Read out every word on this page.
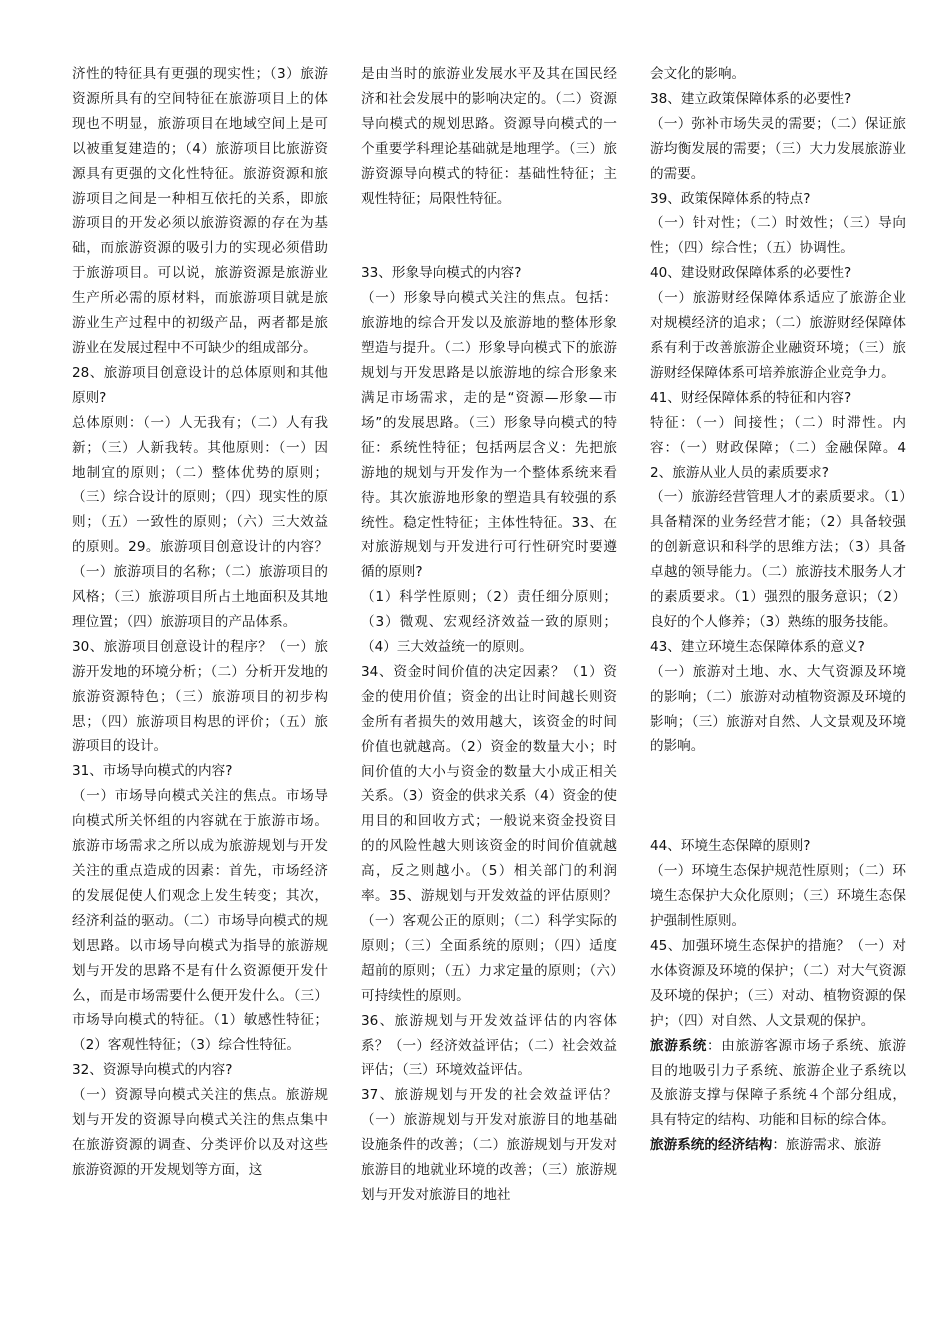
济性的特征具有更强的现实性；（3）旅游资源所具有的空间特征在旅游项目上的体现也不明显，旅游项目在地域空间上是可以被重复建造的；（4）旅游项目比旅游资源具有更强的文化性特征。旅游资源和旅游项目之间是一种相互依托的关系，即旅游项目的开发必须以旅游资源的存在为基础，而旅游资源的吸引力的实现必须借助于旅游项目。可以说，旅游资源是旅游业生产所必需的原材料，而旅游项目就是旅游业生产过程中的初级产品，两者都是旅游业在发展过程中不可缺少的组成部分。

28、旅游项目创意设计的总体原则和其他原则?

总体原则：（一）人无我有；（二）人有我新；（三）人新我转。其他原则：（一）因地制宜的原则；（二）整体优势的原则；（三）综合设计的原则；（四）现实性的原则；（五）一致性的原则；（六）三大效益的原则。29。旅游项目创意设计的内容？（一）旅游项目的名称；（二）旅游项目的风格；（三）旅游项目所占土地面积及其地理位置；（四）旅游项目的产品体系。

30、旅游项目创意设计的程序？（一）旅游开发地的环境分析；（二）分析开发地的旅游资源特色；（三）旅游项目的初步构思；（四）旅游项目构思的评价；（五）旅游项目的设计。

31、市场导向模式的内容?

（一）市场导向模式关注的焦点。市场导向模式所关怀组的内容就在于旅游市场。旅游市场需求之所以成为旅游规划与开发关注的重点造成的因素：首先，市场经济的发展促使人们观念上发生转变；其次，经济利益的驱动。（二）市场导向模式的规划思路。以市场导向模式为指导的旅游规划与开发的思路不是有什么资源便开发什么，而是市场需要什么便开发什么。（三）市场导向模式的特征。（1）敏感性特征；（2）客观性特征；（3）综合性特征。

32、资源导向模式的内容?

（一）资源导向模式关注的焦点。旅游规划与开发的资源导向模式关注的焦点集中在旅游资源的调查、分类评价以及对这些旅游资源的开发规划等方面，这

是由当时的旅游业发展水平及其在国民经济和社会发展中的影响决定的。（二）资源导向模式的规划思路。资源导向模式的一个重要学科理论基础就是地理学。（三）旅游资源导向模式的特征：基础性特征；主观性特征；局限性特征。

33、形象导向模式的内容?

（一）形象导向模式关注的焦点。包括：旅游地的综合开发以及旅游地的整体形象塑造与提升。（二）形象导向模式下的旅游规划与开发思路是以旅游地的综合形象来满足市场需求，走的是“资源—形象—市场”的发展思路。（三）形象导向模式的特征：系统性特征；包括两层含义：先把旅游地的规划与开发作为一个整体系统来看待。其次旅游地形象的塑造具有较强的系统性。稳定性特征；主体性特征。33、在对旅游规划与开发进行可行性研究时要遵循的原则?

（1）科学性原则；（2）责任细分原则；（3）微观、宏观经济效益一致的原则；（4）三大效益统一的原则。

34、资金时间价值的决定因素？（1）资金的使用价值；资金的出让时间越长则资金所有者损失的效用越大，该资金的时间价值也就越高。（2）资金的数量大小；时间价值的大小与资金的数量大小成正相关关系。（3）资金的供求关系（4）资金的使用目的和回收方式；一般说来资金投资目的的风险性越大则该资金的时间价值就越高，反之则越小。（5）相关部门的利润率。35、游规划与开发效益的评估原则？（一）客观公正的原则；（二）科学实际的原则；（三）全面系统的原则；（四）适度超前的原则；（五）力求定量的原则；（六）可持续性的原则。

36、旅游规划与开发效益评估的内容体系？（一）经济效益评估；（二）社会效益评估；（三）环境效益评估。

37、旅游规划与开发的社会效益评估？（一）旅游规划与开发对旅游目的地基础设施条件的改善；（二）旅游规划与开发对旅游目的地就业环境的改善；（三）旅游规划与开发对旅游目的地社

会文化的影响。

38、建立政策保障体系的必要性?

（一）弥补市场失灵的需要；（二）保证旅游均衡发展的需要；（三）大力发展旅游业的需要。

39、政策保障体系的特点?

（一）针对性；（二）时效性；（三）导向性；（四）综合性；（五）协调性。

40、建设财政保障体系的必要性?

（一）旅游财经保障体系适应了旅游企业对规模经济的追求；（二）旅游财经保障体系有利于改善旅游企业融资环境；（三）旅游财经保障体系可培养旅游企业竞争力。

41、财经保障体系的特征和内容?

特征：（一）间接性；（二）时滞性。内容：（一）财政保障；（二）金融保障。42、旅游从业人员的素质要求?

（一）旅游经营管理人才的素质要求。（1）具备精深的业务经营才能；（2）具备较强的创新意识和科学的思维方法；（3）具备卓越的领导能力。（二）旅游技术服务人才的素质要求。（1）强烈的服务意识；（2）良好的个人修养；（3）熟练的服务技能。

43、建立环境生态保障体系的意义?

（一）旅游对土地、水、大气资源及环境的影响；（二）旅游对动植物资源及环境的影响；（三）旅游对自然、人文景观及环境的影响。

44、环境生态保障的原则?

（一）环境生态保护规范性原则；（二）环境生态保护大众化原则；（三）环境生态保护强制性原则。

45、加强环境生态保护的措施？（一）对水体资源及环境的保护；（二）对大气资源及环境的保护；（三）对动、植物资源的保护；（四）对自然、人文景观的保护。

旅游系统：由旅游客源市场子系统、旅游目的地吸引力子系统、旅游企业子系统以及旅游支撑与保障子系统４个部分组成，具有特定的结构、功能和目标的综合体。

旅游系统的经济结构：旅游需求、旅游
